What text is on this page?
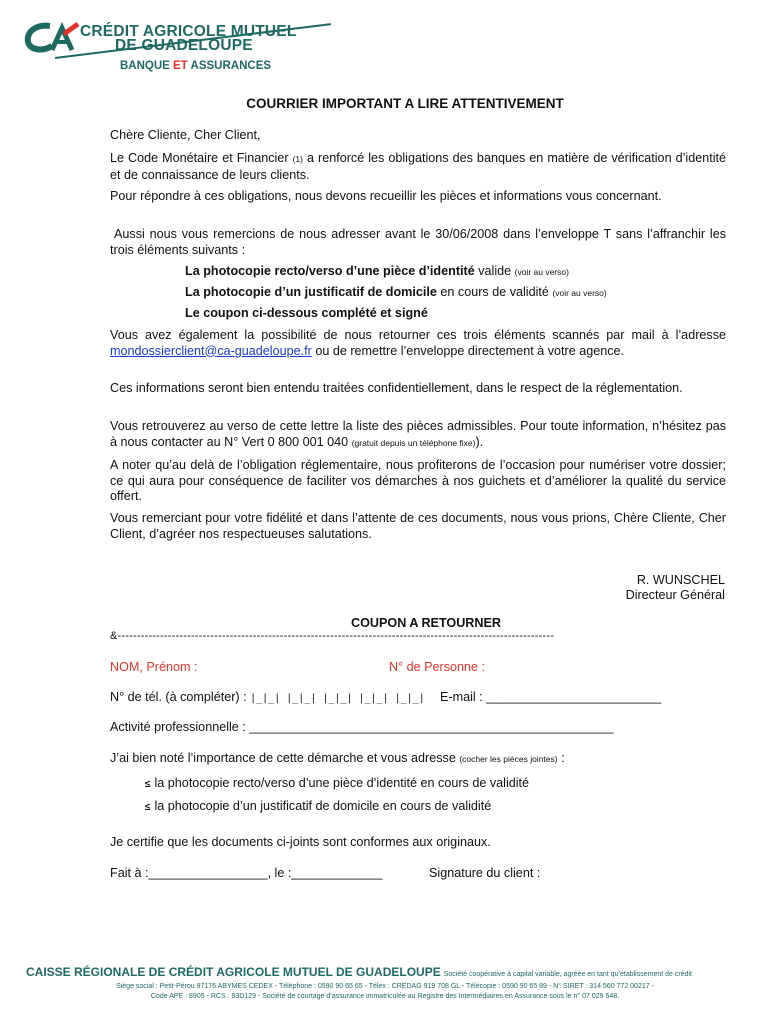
CRÉDIT AGRICOLE MUTUEL
DE GUADELOUPE
BANQUE ET ASSURANCES
COURRIER IMPORTANT A LIRE ATTENTIVEMENT
Chère Cliente, Cher Client,
Le Code Monétaire et Financier (1) a renforcé les obligations des banques en matière de vérification d’identité et de connaissance de leurs clients.
Pour répondre à ces obligations, nous devons recueillir les pièces et informations vous concernant.
Aussi nous vous remercions de nous adresser avant le 30/06/2008 dans l’enveloppe T sans l’affranchir les trois éléments suivants :
La photocopie recto/verso d’une pièce d’identité valide (voir au verso)
La photocopie d’un justificatif de domicile en cours de validité (voir au verso)
Le coupon ci-dessous complété et signé
Vous avez également la possibilité de nous retourner ces trois éléments scannés par mail à l’adresse mondossierclient@ca-guadeloupe.fr ou de remettre l’enveloppe directement à votre agence.
Ces informations seront bien entendu traitées confidentiellement, dans le respect de la réglementation.
Vous retrouverez au verso de cette lettre la liste des pièces admissibles. Pour toute information, n’hésitez pas à nous contacter au N° Vert 0 800 001 040 (gratuit depuis un téléphone fixe)).
A noter qu’au delà de l’obligation réglementaire, nous profiterons de l’occasion pour numériser votre dossier; ce qui aura pour conséquence de faciliter vos démarches à nos guichets et d’améliorer la qualité du service offert.
Vous remerciant pour votre fidélité et dans l’attente de ces documents, nous vous prions, Chère Cliente, Cher Client, d’agréer nos respectueuses salutations.
R. WUNSCHEL
Directeur Général
COUPON A RETOURNER
&-----------------------------------------------------------------------------------------------------------------
NOM, Prénom :	N° de Personne :
N° de tél. (à compléter) : |_|_| |_|_| |_|_| |_|_| |_|_| E-mail : _________________________
Activité professionnelle : ____________________________________________________
J’ai bien noté l’importance de cette démarche et vous adresse (cocher les pièces jointes) :
≤ la photocopie recto/verso d’une pièce d’identité en cours de validité
≤ la photocopie d’un justificatif de domicile en cours de validité
Je certifie que les documents ci-joints sont conformes aux originaux.
Fait à :_________________, le :_____________	Signature du client :
CAISSE RÉGIONALE DE CRÉDIT AGRICOLE MUTUEL DE GUADELOUPE Société coopérative à capital variable, agréée en tant qu’établissement de crédit
Siège social : Petit-Pérou 97176 ABYMES CEDEX - Téléphone : 0590 90 65 65 - Télex : CREDAG 919 708 GL - Télécopie : 0590 90 65 89 - N° SIRET : 314 560 772 00217 -
Code APE : 8905 - RCS : 93D129 - Société de courtage d’assurance immatriculée au Registre des Intermédiaires en Assurance sous le n° 07 029 548.
